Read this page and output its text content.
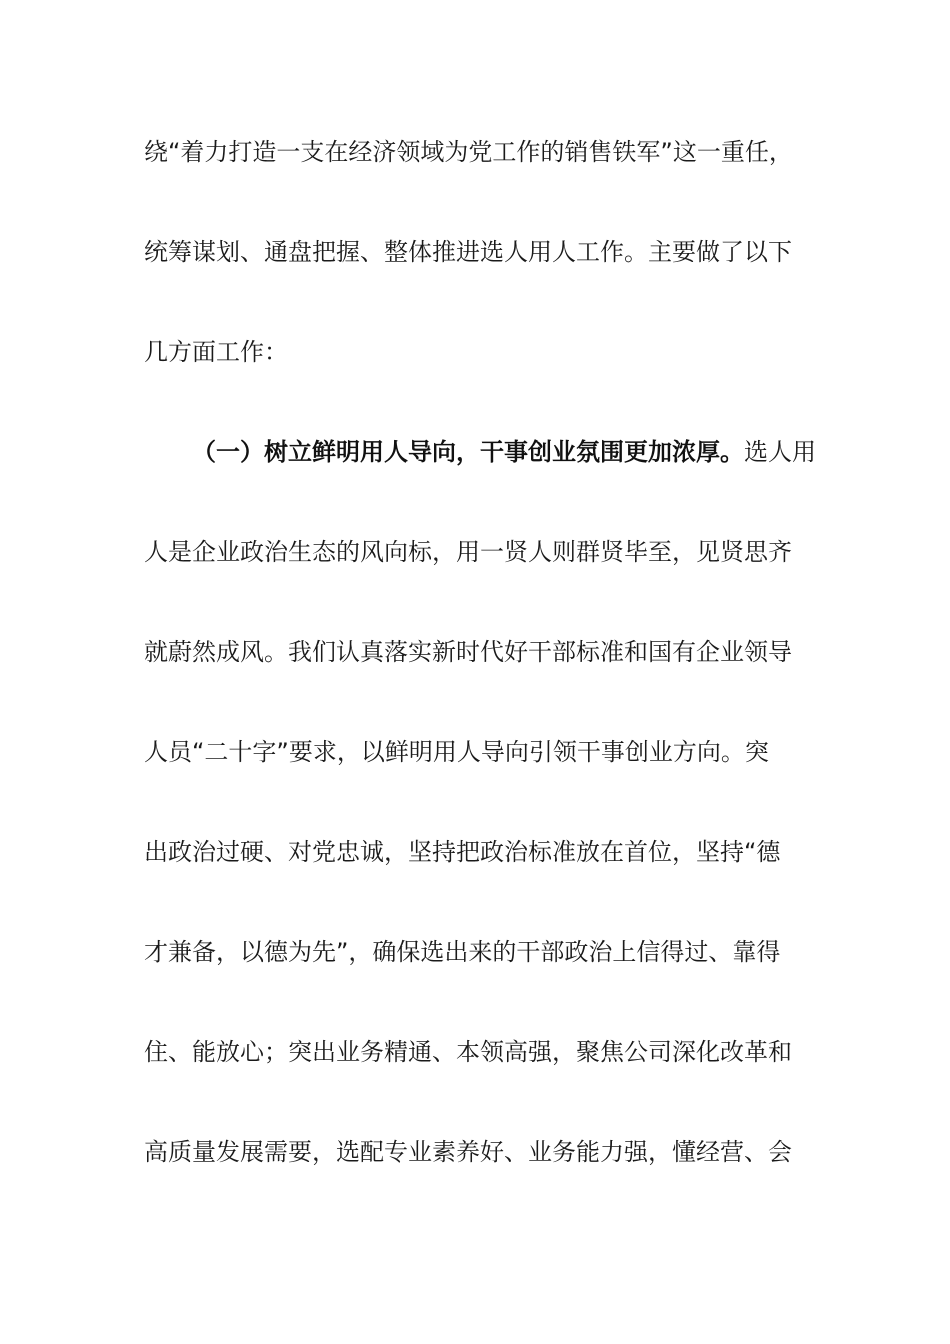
绕“着力打造一支在经济领域为党工作的销售铁军”这一重任，
统筹谋划、通盘把握、整体推进选人用人工作。主要做了以下
几方面工作：
（一）树立鲜明用人导向，干事创业氛围更加浓厚。选人用
人是企业政治生态的风向标，用一贤人则群贤毕至，见贤思齐
就蔚然成风。我们认真落实新时代好干部标准和国有企业领导
人员“二十字”要求，以鲜明用人导向引领干事创业方向。突
出政治过硬、对党忠诚，坚持把政治标准放在首位，坚持“德
才兼备，以德为先”，确保选出来的干部政治上信得过、靠得
住、能放心；突出业务精通、本领高强，聚焦公司深化改革和
高质量发展需要，选配专业素养好、业务能力强，懂经营、会
